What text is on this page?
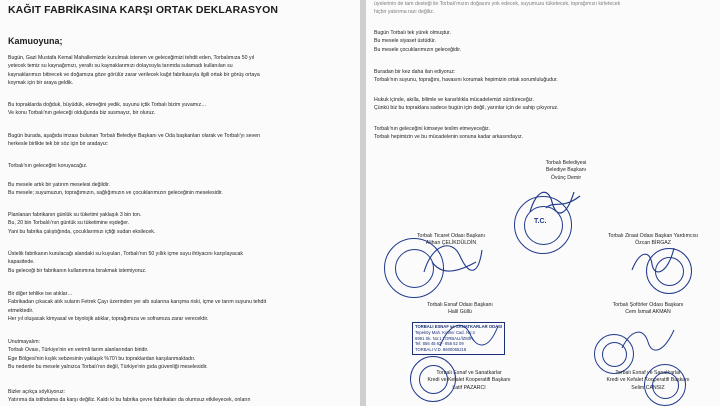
KAĞIT FABRİKASINA KARŞI ORTAK DEKLARASYON
Kamuoyuna;

Bugün, Gazi Mustafa Kemal Mahallemizde kurulmak istenen ve geleceğimizi tehdit eden, Torbalımıza 50 yıl

yetecek temiz su kaynağımızı, yeraltı su kaynaklarımızı dolayısıyla tarımda sulamadı kullanılan su

kaynaklarımızı bitirecek ve doğamıza göze görülür zarar verilecek kağıt fabrikasıyla ilgili ortak bir görüş ortaya

koymak için bir araya geldik.

Bu topraklarda doğduk, büyüdük, ekmeğini yedik, suyunu içtik Torbalı bizim yuvamız…

Ve konu Torbalı'nın geleceği olduğunda biz susmayız, bir oluruz.

Bugün burada, aşağıda imzası bulunan Torbalı Belediye Başkanı ve Oda başkanları olarak ve Torbalı'yı seven

herkesle birlikte tek bir söz için bir aradayız:

Torbalı'nın geleceğini koruyacağız.

Bu mesele artık bir yatırım meselesi değildir.

Bu mesele; suyumuzun, toprağımızın, sağlığımızın ve çocuklarımızın geleceğinin meselesidir.

Planlanan fabrikanın günlük su tüketimi yaklaşık 3 bin ton.

Bu, 20 bin Torbalılı'nın günlük su tüketimine eşdeğer.

Yani bu fabrika çalıştığında, çocuklarımızı içtiği sudan eksilecek.

Üstelik fabrikanın kurulacağı alandaki su kuyuları, Torbalı'nın 50 yıllık içme suyu ihtiyacını karşılayacak

kapasitede.

Bu geleceği bir fabrikanın kullanımına bırakmak istemiyoruz.

Bir diğer tehlike ise atıklar…

Fabrikadan çıkacak atık suların Fetrek Çayı üzerinden yer altı sularına karışma riski, içme ve tarım suyunu tehdit

etmektedir.

Her yıl oluşacak kimyasal ve biyolojik atıklar, toprağımıza ve soframıza zarar verecektir.

Unutmayalım:

Torbalı Ovası, Türkiye'nin en verimli tarım alanlarından biridir.

Ege Bölgesi'nin kışlık sebzesinin yaklaşık %70'i bu topraklardan karşılanmaktadır.

Bu nedenle bu mesele yalnızca Torbalı'nın değil, Türkiye'nin gıda güvenliği meselesidir.

Bizler açıkça söylüyoruz:

Yatırıma da istihdama da karşı değiliz. Kaldı ki bu fabrika çevre fabrikaları da olumsuz etkileyecek, onların

üyelerinin de tam desteği ile Torbalı'mızın doğasını yok edecek, suyumuzu tüketecek, toprağımızı kirletecek

hiçbir yatırıma razı değiliz.

Bugün Torbalı tek yürek olmuştur.

Bu mesele siyaset üstüdür.

Bu mesele çocuklarımızın geleceğidir.

Buradan bir kez daha ilan ediyoruz:

Torbalı'nın suyunu, toprağını, havasını korumak hepimizin ortak sorumluluğudur.

Hukuk içinde, akılla, bilimle ve kararlılıkla mücadelemizi sürdüreceğiz.

Çünkü biz bu topraklara sadece bugün için değil, yarınlar için de sahip çıkıyoruz.

Torbalı'nın geleceğini kimseye teslim etmeyeceğiz.

Torbalı hepimizin ve bu mücadelenin sonuna kadar arkasındayız.

Torbalı Belediyesi
Belediye Başkanı
Övünç Demir
T.C.
Torbalı Ticaret Odası Başkanı
Alihan ÇELİKDÜLDİN
Torbalı Ziraat Odası Başkan Yardımcısı
Özcan BİRGAZ
Torbalı Esnaf Odası Başkanı
Halil Güllü
TORBALI ESNAF ve SANATKARLAR ODASI
Tepeköy Mah. Kırtmır Cad. No:4
6991 Sk. No:1 TORBALI/İZMİR
Tel: 856 45 82 - 856 52 09
TORBALI V.D. 8600065218
Torbalı Şoförler Odası Başkanı
Cem İsmail AKMAN
Torbalı Esnaf ve Sanatkarlar
Kredi ve Kefalet Kooperatifi Başkanı
Latif PAZARCI
Torbalı Esnaf ve Sanatkarlar
Kredi ve Kefalet Kooperatifi Başkanı
Selim CANSIZ
